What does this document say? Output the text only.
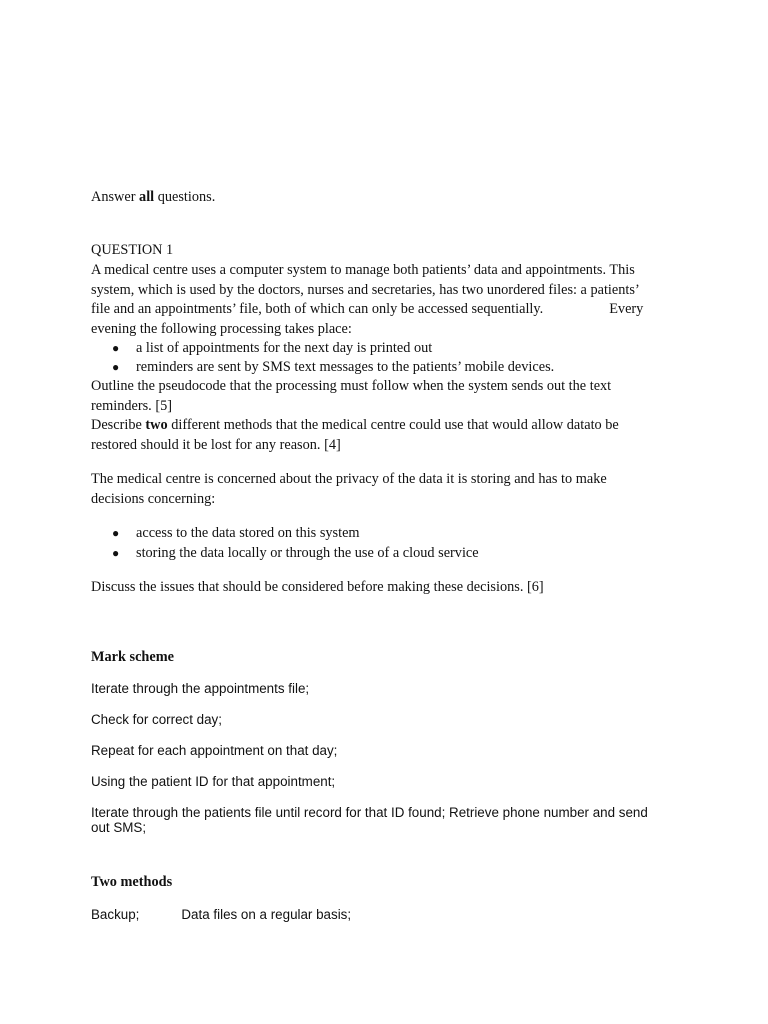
Answer all questions.
QUESTION 1
A medical centre uses a computer system to manage both patients’ data and appointments. This
system, which is used by the doctors, nurses and secretaries, has two unordered files: a patients’
file and an appointments’ file, both of which can only be accessed sequentially.	Every
evening the following processing takes place:
● a list of appointments for the next day is printed out
● reminders are sent by SMS text messages to the patients’ mobile devices.
Outline the pseudocode that the processing must follow when the system sends out the text
reminders. [5]
Describe two different methods that the medical centre could use that would allow datato be
restored should it be lost for any reason. [4]
The medical centre is concerned about the privacy of the data it is storing and has to make
decisions concerning:
● access to the data stored on this system
● storing the data locally or through the use of a cloud service
Discuss the issues that should be considered before making these decisions. [6]
Mark scheme
Iterate through the appointments file;
Check for correct day;
Repeat for each appointment on that day;
Using the patient ID for that appointment;
Iterate through the patients file until record for that ID found; Retrieve phone number and send
out SMS;
Two methods
Backup;	Data files on a regular basis;
